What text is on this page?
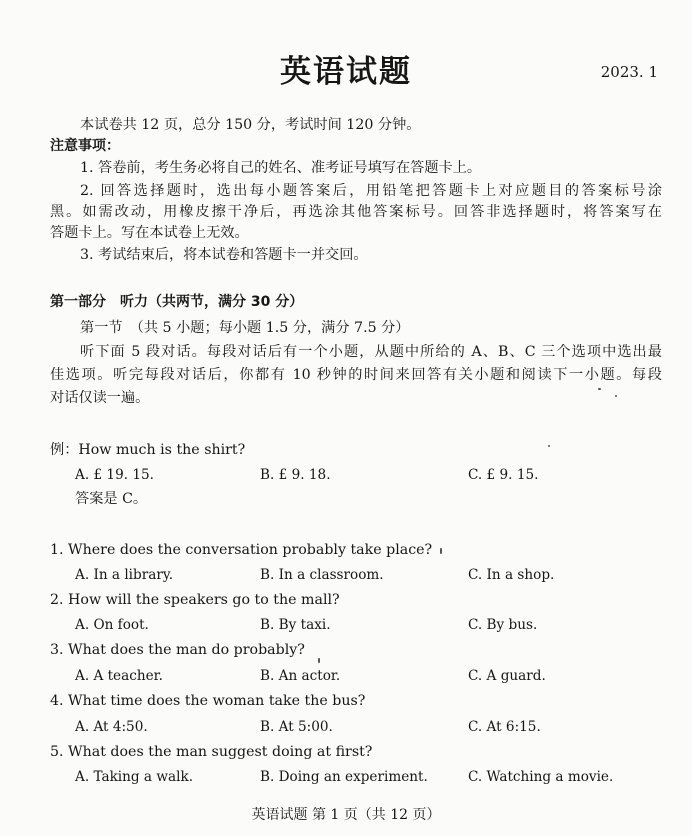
英语试题	2023. 1
本试卷共 12 页，总分 150 分，考试时间 120 分钟。
注意事项：
1. 答卷前，考生务必将自己的姓名、准考证号填写在答题卡上。
2. 回答选择题时，选出每小题答案后，用铅笔把答题卡上对应题目的答案标号涂
黑。如需改动，用橡皮擦干净后，再选涂其他答案标号。回答非选择题时，将答案写在
答题卡上。写在本试卷上无效。
3. 考试结束后，将本试卷和答题卡一并交回。
第一部分　听力（共两节，满分 30 分）
第一节　（共 5 小题；每小题 1.5 分，满分 7.5 分）
听下面 5 段对话。每段对话后有一个小题，从题中所给的 A、B、C 三个选项中选出最
佳选项。听完每段对话后，你都有 10 秒钟的时间来回答有关小题和阅读下一小题。每段
对话仅读一遍。
例：How much is the shirt?
A. £ 19. 15.	B. £ 9. 18.	C. £ 9. 15.
答案是 C。
1. Where does the conversation probably take place?
A. In a library.	B. In a classroom.	C. In a shop.
2. How will the speakers go to the mall?
A. On foot.	B. By taxi.	C. By bus.
3. What does the man do probably?
A. A teacher.	B. An actor.	C. A guard.
4. What time does the woman take the bus?
A. At 4:50.	B. At 5:00.	C. At 6:15.
5. What does the man suggest doing at first?
A. Taking a walk.	B. Doing an experiment.	C. Watching a movie.
英语试题 第 1 页（共 12 页）
